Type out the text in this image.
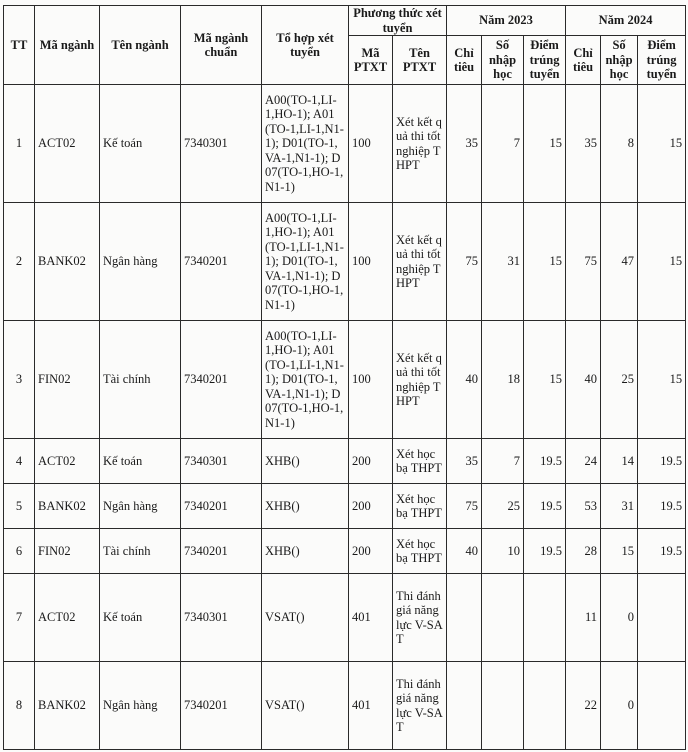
TT	Mã ngành	Tên ngành	Mã ngành chuẩn	Tổ hợp xét tuyển	Phương thức xét tuyển		Năm 2023			Năm 2024		
					Mã PTXT	Tên PTXT	Chỉ tiêu	Số nhập học	Điểm trúng tuyển	Chỉ tiêu	Số nhập học	Điểm trúng tuyển
1	ACT02	Kế toán	7340301	A00(TO-1,LI-1,HO-1); A01(TO-1,LI-1,N1-1); D01(TO-1,VA-1,N1-1); D07(TO-1,HO-1,N1-1)	100	Xét kết quả thi tốt nghiệp THPT	35	7	15	35	8	15
2	BANK02	Ngân hàng	7340201	A00(TO-1,LI-1,HO-1); A01(TO-1,LI-1,N1-1); D01(TO-1,VA-1,N1-1); D07(TO-1,HO-1,N1-1)	100	Xét kết quả thi tốt nghiệp THPT	75	31	15	75	47	15
3	FIN02	Tài chính	7340201	A00(TO-1,LI-1,HO-1); A01(TO-1,LI-1,N1-1); D01(TO-1,VA-1,N1-1); D07(TO-1,HO-1,N1-1)	100	Xét kết quả thi tốt nghiệp THPT	40	18	15	40	25	15
4	ACT02	Kế toán	7340301	XHB()	200	Xét học bạ THPT	35	7	19.5	24	14	19.5
5	BANK02	Ngân hàng	7340201	XHB()	200	Xét học bạ THPT	75	25	19.5	53	31	19.5
6	FIN02	Tài chính	7340201	XHB()	200	Xét học bạ THPT	40	10	19.5	28	15	19.5
7	ACT02	Kế toán	7340301	VSAT()	401	Thi đánh giá năng lực V-SAT				11	0	
8	BANK02	Ngân hàng	7340201	VSAT()	401	Thi đánh giá năng lực V-SAT				22	0	
